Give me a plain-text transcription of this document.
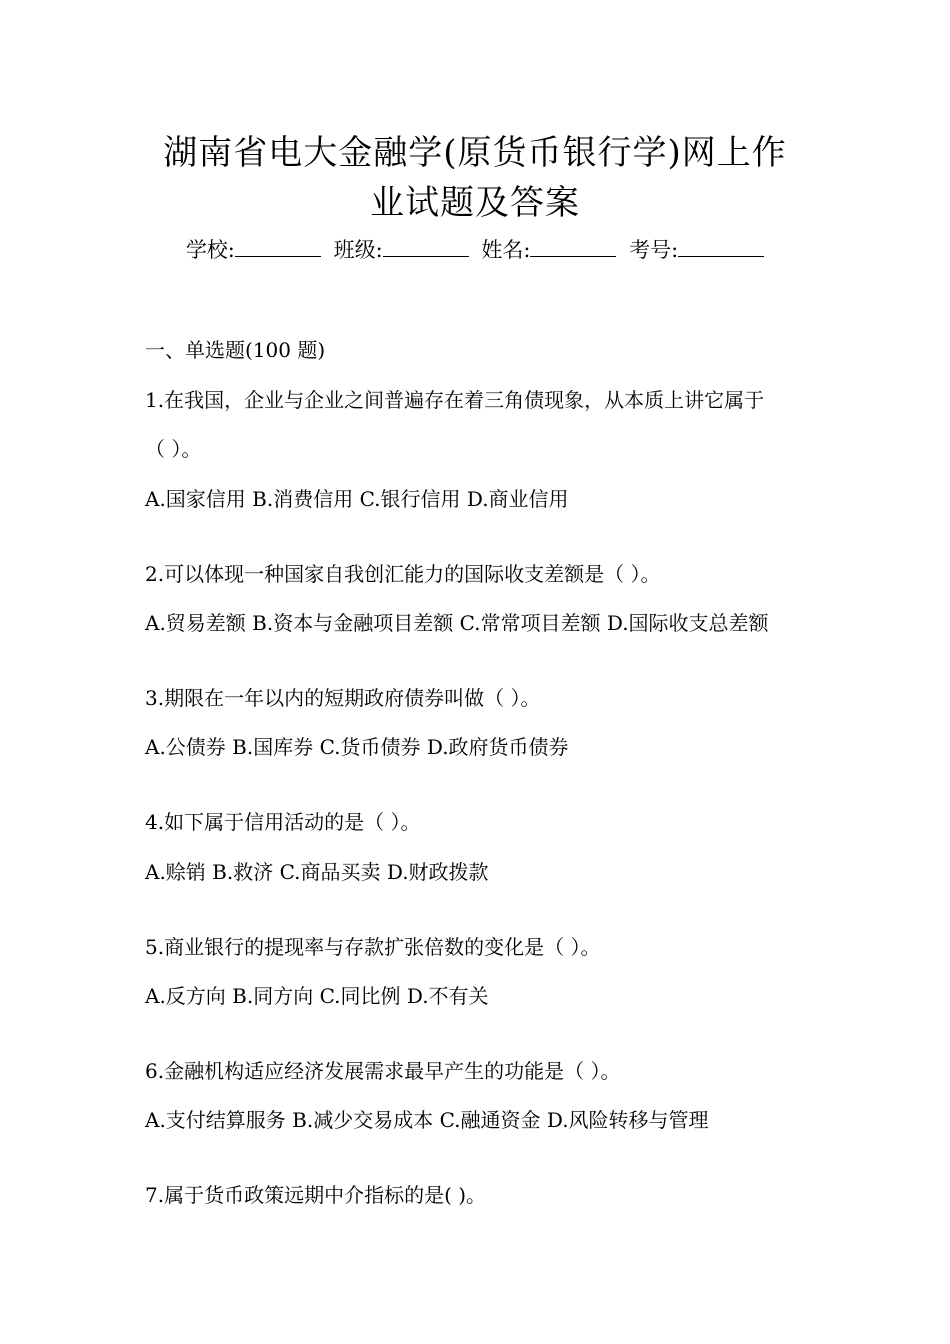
湖南省电大金融学(原货币银行学)网上作
业试题及答案
学校:	班级:	姓名:	考号:
一、单选题(100 题)
1.在我国，企业与企业之间普遍存在着三角债现象，从本质上讲它属于
（ ）。
A.国家信用 B.消费信用 C.银行信用 D.商业信用
2.可以体现一种国家自我创汇能力的国际收支差额是（ ）。
A.贸易差额 B.资本与金融项目差额 C.常常项目差额 D.国际收支总差额
3.期限在一年以内的短期政府债券叫做（ ）。
A.公债券 B.国库券 C.货币债券 D.政府货币债券
4.如下属于信用活动的是（ ）。
A.赊销 B.救济 C.商品买卖 D.财政拨款
5.商业银行的提现率与存款扩张倍数的变化是（ ）。
A.反方向 B.同方向 C.同比例 D.不有关
6.金融机构适应经济发展需求最早产生的功能是（ ）。
A.支付结算服务 B.减少交易成本 C.融通资金 D.风险转移与管理
7.属于货币政策远期中介指标的是( )。
